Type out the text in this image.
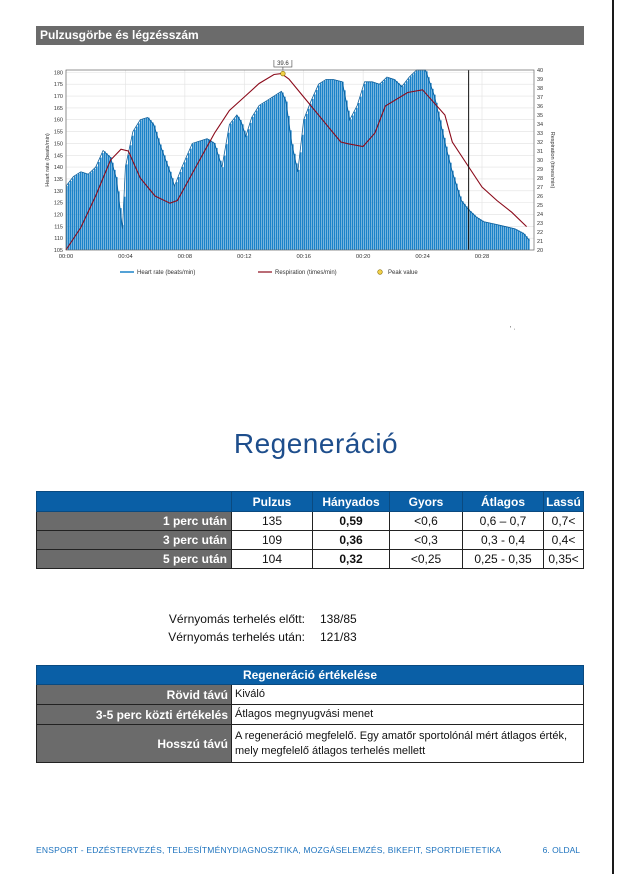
Pulzusgörbe és légzésszám
39.6
105
110
115
120
125
130
135
140
145
150
155
160
165
170
175
180
20
21
22
23
24
25
26
27
28
29
30
31
32
33
34
35
36
37
38
39
40
00:00	00:04	00:08	00:12	00:16	00:20	00:24	00:28
Heart rate (beats/min)	Respiration (times/min)
Heart rate (beats/min)	Respiration (times/min)	Peak value
' ·
Regeneráció
	Pulzus	Hányados	Gyors	Átlagos	Lassú
1 perc után	135	0,59	<0,6	0,6 – 0,7	0,7<
3 perc után	109	0,36	<0,3	0,3 - 0,4	0,4<
5 perc után	104	0,32	<0,25	0,25 - 0,35	0,35<
Vérnyomás terhelés előtt: 138/85
Vérnyomás terhelés után: 121/83
Regeneráció értékelése	
Rövid távú	Kiváló
3-5 perc közti értékelés	Átlagos megnyugvási menet
Hosszú távú	A regeneráció megfelelő. Egy amatőr sportolónál mért átlagos érték, mely megfelelő átlagos terhelés mellett
ENSPORT - EDZÉSTERVEZÉS, TELJESÍTMÉNYDIAGNOSZTIKA, MOZGÁSELEMZÉS, BIKEFIT, SPORTDIETETIKA	6. OLDAL
